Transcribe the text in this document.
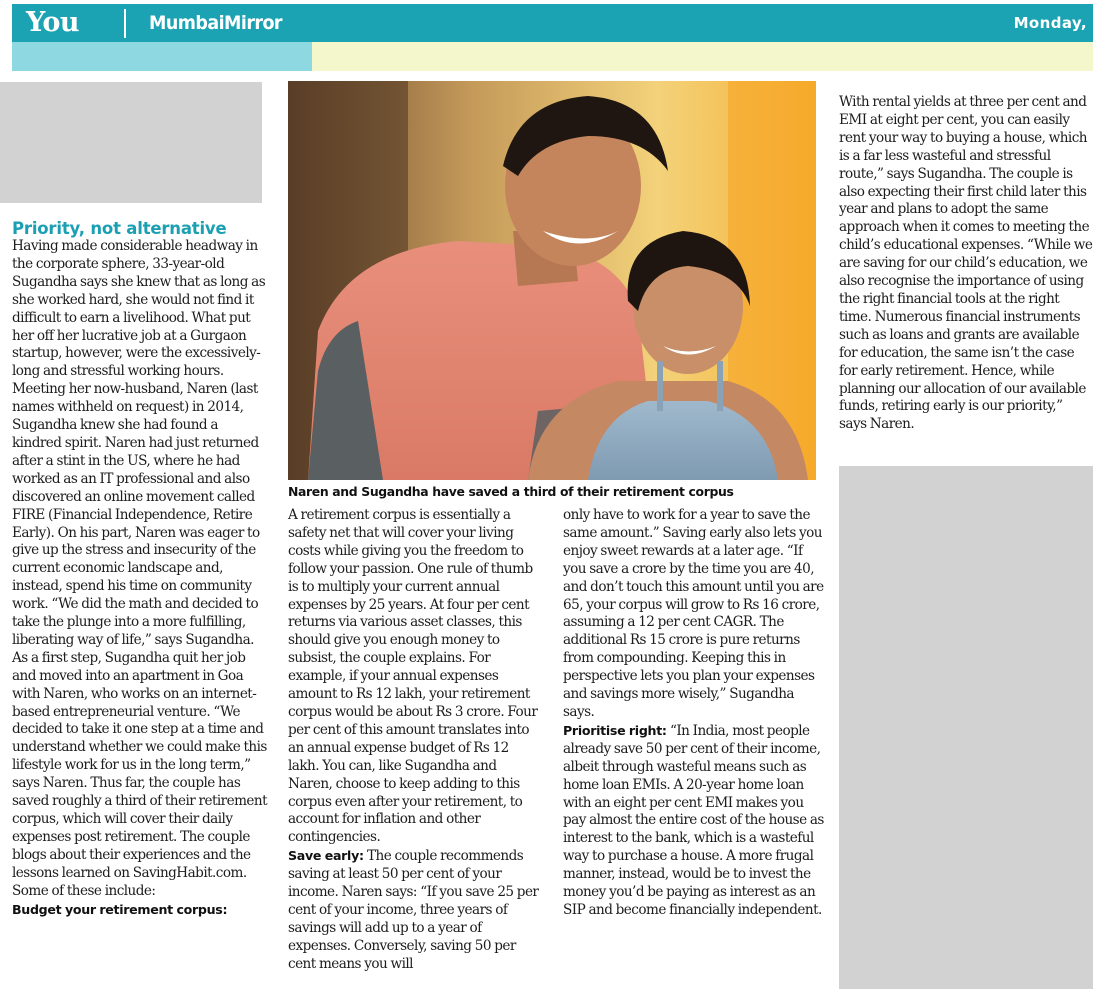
You	MumbaiMirror	Monday,
Priority, not alternative

Having made considerable headway in the corporate sphere, 33-year-old Sugandha says she knew that as long as she worked hard, she would not find it difficult to earn a livelihood. What put her off her lucrative job at a Gurgaon startup, however, were the excessively-long and stressful working hours. Meeting her now-husband, Naren (last names withheld on request) in 2014, Sugandha knew she had found a kindred spirit. Naren had just returned after a stint in the US, where he had worked as an IT professional and also discovered an online movement called FIRE (Financial Independence, Retire Early). On his part, Naren was eager to give up the stress and insecurity of the current economic landscape and, instead, spend his time on community work. “We did the math and decided to take the plunge into a more fulfilling, liberating way of life,” says Sugandha. As a first step, Sugandha quit her job and moved into an apartment in Goa with Naren, who works on an internet-based entrepreneurial venture. “We decided to take it one step at a time and understand whether we could make this lifestyle work for us in the long term,” says Naren. Thus far, the couple has saved roughly a third of their retirement corpus, which will cover their daily expenses post retirement. The couple blogs about their experiences and the lessons learned on SavingHabit.com. Some of these include:

Budget your retirement corpus:

Naren and Sugandha have saved a third of their retirement corpus

A retirement corpus is essentially a safety net that will cover your living costs while giving you the freedom to follow your passion. One rule of thumb is to multiply your current annual expenses by 25 years. At four per cent returns via various asset classes, this should give you enough money to subsist, the couple explains. For example, if your annual expenses amount to Rs 12 lakh, your retirement corpus would be about Rs 3 crore. Four per cent of this amount translates into an annual expense budget of Rs 12 lakh. You can, like Sugandha and Naren, choose to keep adding to this corpus even after your retirement, to account for inflation and other contingencies.

Save early: The couple recommends saving at least 50 per cent of your income. Naren says: “If you save 25 per cent of your income, three years of savings will add up to a year of expenses. Conversely, saving 50 per cent means you will

only have to work for a year to save the same amount.” Saving early also lets you enjoy sweet rewards at a later age. “If you save a crore by the time you are 40, and don’t touch this amount until you are 65, your corpus will grow to Rs 16 crore, assuming a 12 per cent CAGR. The additional Rs 15 crore is pure returns from compounding. Keeping this in perspective lets you plan your expenses and savings more wisely,” Sugandha says.

Prioritise right: “In India, most people already save 50 per cent of their income, albeit through wasteful means such as home loan EMIs. A 20-year home loan with an eight per cent EMI makes you pay almost the entire cost of the house as interest to the bank, which is a wasteful way to purchase a house. A more frugal manner, instead, would be to invest the money you’d be paying as interest as an SIP and become financially independent.

With rental yields at three per cent and EMI at eight per cent, you can easily rent your way to buying a house, which is a far less wasteful and stressful route,” says Sugandha. The couple is also expecting their first child later this year and plans to adopt the same approach when it comes to meeting the child’s educational expenses. “While we are saving for our child’s education, we also recognise the importance of using the right financial tools at the right time. Numerous financial instruments such as loans and grants are available for education, the same isn’t the case for early retirement. Hence, while planning our allocation of our available funds, retiring early is our priority,” says Naren.
